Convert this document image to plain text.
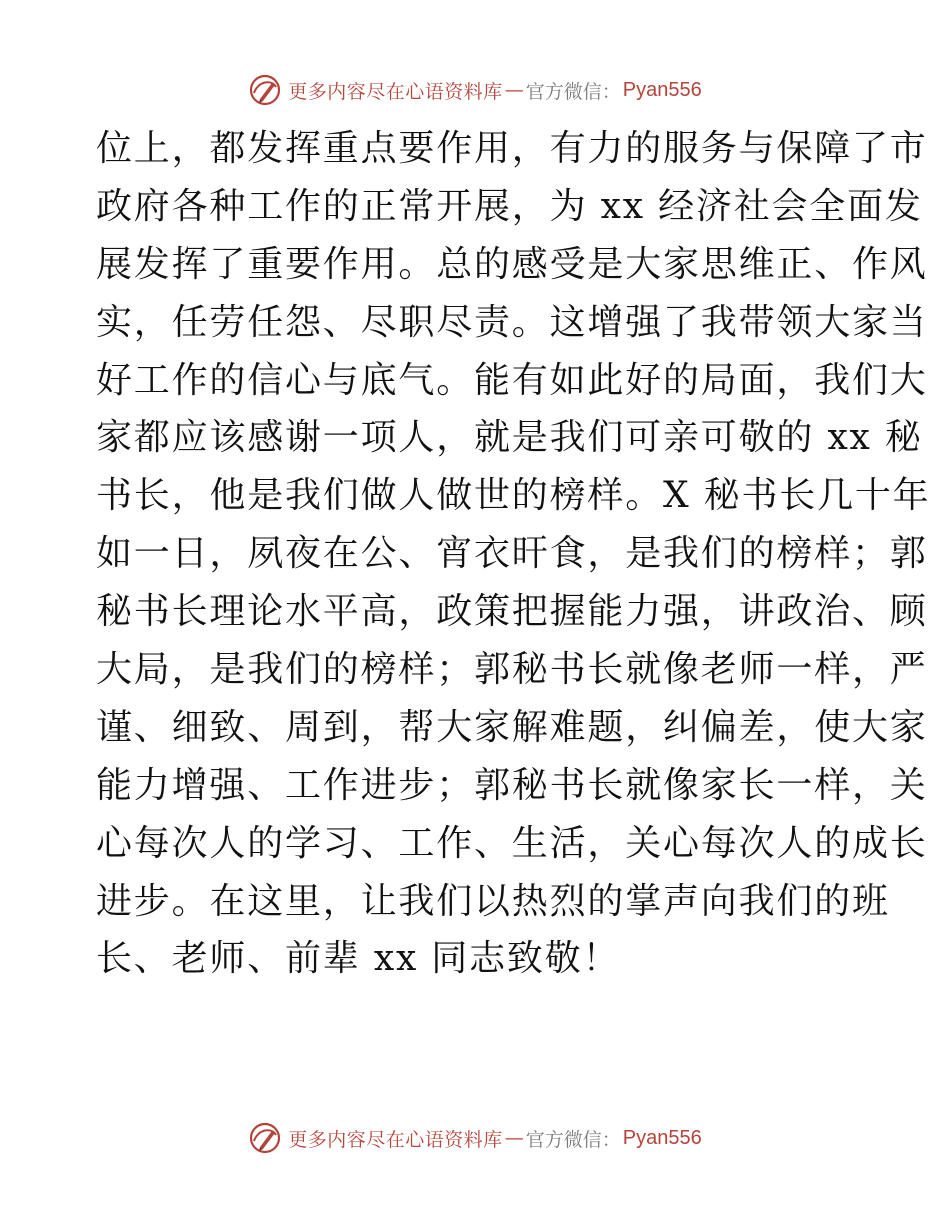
更多内容尽在心语资料库 — 官方微信： Pyan556
位上，都发挥重点要作用，有力的服务与保障了市
政府各种工作的正常开展，为 xx 经济社会全面发
展发挥了重要作用。总的感受是大家思维正、作风
实，任劳任怨、尽职尽责。这增强了我带领大家当
好工作的信心与底气。能有如此好的局面，我们大
家都应该感谢一项人，就是我们可亲可敬的 xx 秘
书长，他是我们做人做世的榜样。X 秘书长几十年
如一日，夙夜在公、宵衣旰食，是我们的榜样；郭
秘书长理论水平高，政策把握能力强，讲政治、顾
大局，是我们的榜样；郭秘书长就像老师一样，严
谨、细致、周到，帮大家解难题，纠偏差，使大家
能力增强、工作进步；郭秘书长就像家长一样，关
心每次人的学习、工作、生活，关心每次人的成长
进步。在这里，让我们以热烈的掌声向我们的班
长、老师、前辈 xx 同志致敬！
更多内容尽在心语资料库 — 官方微信： Pyan556
